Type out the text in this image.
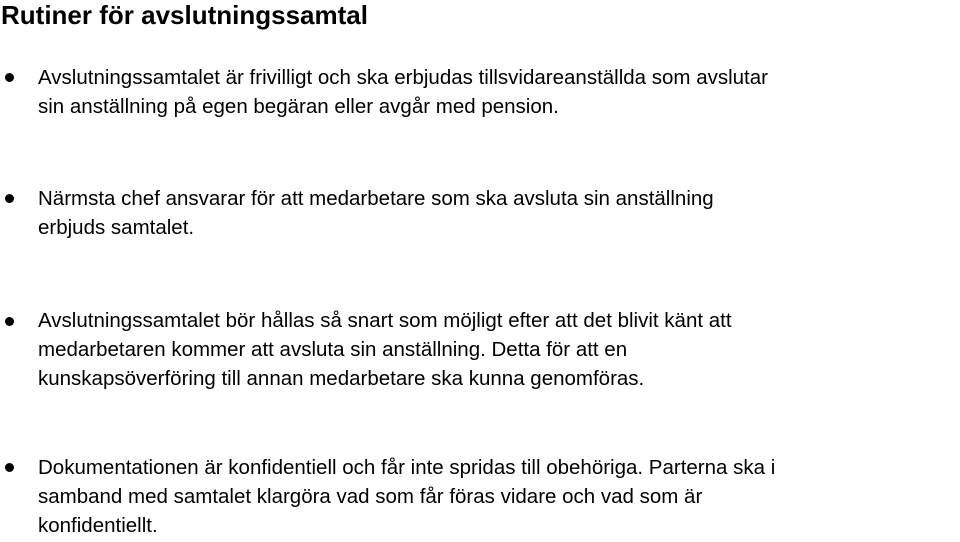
Rutiner för avslutningssamtal

Avslutningssamtalet är frivilligt och ska erbjudas tillsvidareanställda som avslutar
sin anställning på egen begäran eller avgår med pension.

Närmsta chef ansvarar för att medarbetare som ska avsluta sin anställning
erbjuds samtalet.

Avslutningssamtalet bör hållas så snart som möjligt efter att det blivit känt att
medarbetaren kommer att avsluta sin anställning. Detta för att en
kunskapsöverföring till annan medarbetare ska kunna genomföras.

Dokumentationen är konfidentiell och får inte spridas till obehöriga. Parterna ska i
samband med samtalet klargöra vad som får föras vidare och vad som är
konfidentiellt.
